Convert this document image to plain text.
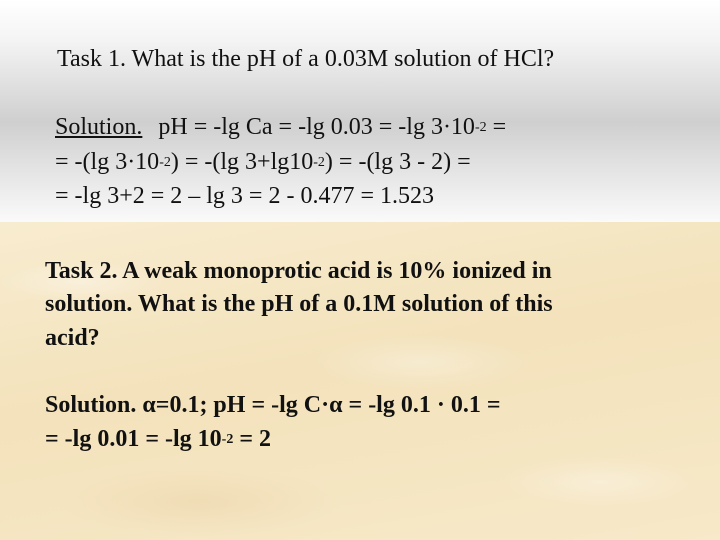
Task 1. What is the pH of a 0.03M solution of HCl?
Solution. pH = -lg Ca = -lg 0.03 = -lg $3\cdot 10^{-2}$ =
= -(lg $3\cdot 10^{-2}) = -(\lg$ $3+\lg 10^{-2}) = -(\lg$ 3 - 2) =
= -lg 3+2 = 2 – lg 3 = 2 - 0.477 = 1.523
Task 2. A weak monoprotic acid is 10% ionized in
solution. What is the pH of a 0.1M solution of this
acid?
Solution. α=0.1; pH = -lg C·α = -lg 0.1 · 0.1 =
= -lg 0.01 = -lg $10^{-2} = 2$
